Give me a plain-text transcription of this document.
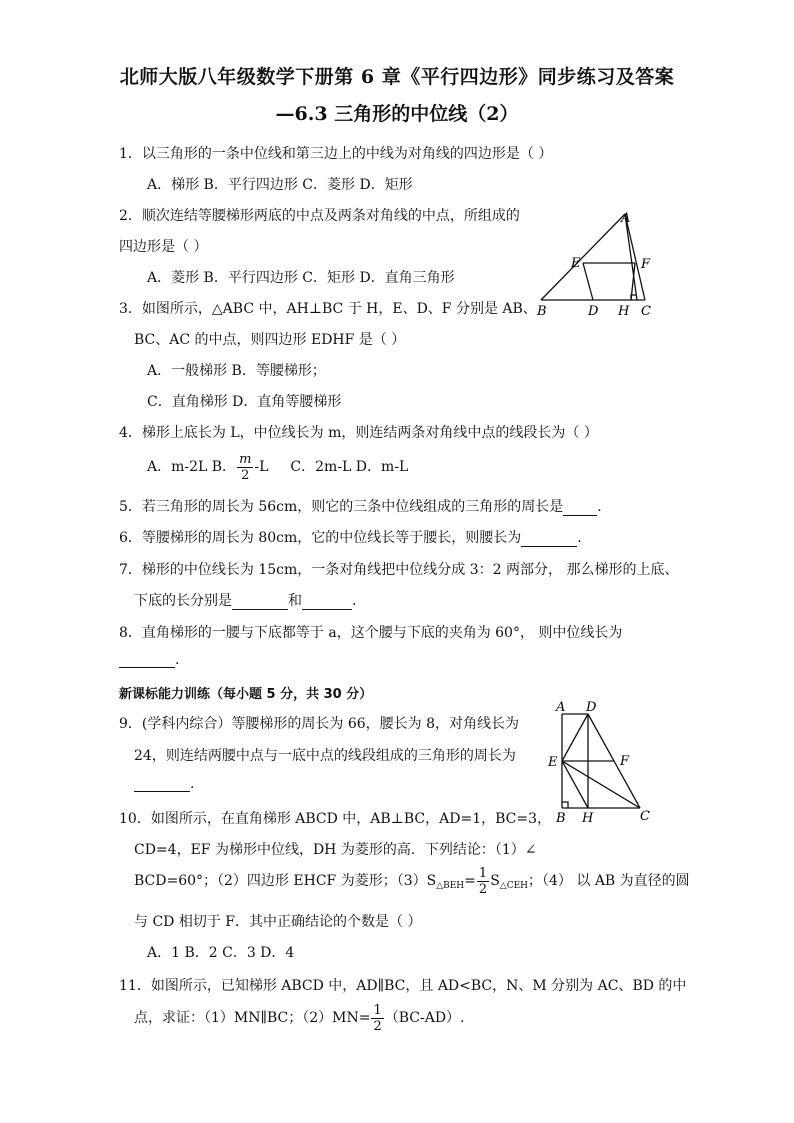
北师大版八年级数学下册第 6 章《平行四边形》同步练习及答案
—6.3 三角形的中位线（2）
1．以三角形的一条中位线和第三边上的中线为对角线的四边形是（ ）
A．梯形 B．平行四边形 C．菱形 D．矩形
2．顺次连结等腰梯形两底的中点及两条对角线的中点，所组成的
四边形是（ ）
A．菱形 B．平行四边形 C．矩形 D．直角三角形
A
E	F
B	D H C
3．如图所示，△ABC 中，AH⊥BC 于 H，E、D、F 分别是 AB、
BC、AC 的中点，则四边形 EDHF 是（ ）
A．一般梯形 B．等腰梯形；
C．直角梯形 D．直角等腰梯形
4．梯形上底长为 L，中位线长为 m，则连结两条对角线中点的线段长为（ ）
A．m-2L B． $\frac{m}{2} -L$ C．2m-L D．m-L
5．若三角形的周长为 56cm，则它的三条中位线组成的三角形的周长是 .
6．等腰梯形的周长为 80cm，它的中位线长等于腰长，则腰长为	.
7．梯形的中位线长为 15cm，一条对角线把中位线分成 3：2 两部分， 那么梯形的上底、
下底的长分别是	和	.
8．直角梯形的一腰与下底都等于 a，这个腰与下底的夹角为 60°， 则中位线长为
.
新课标能力训练（每小题 5 分，共 30 分）
A D
E	F
B H	C
9．(学科内综合）等腰梯形的周长为 66，腰长为 8，对角线长为
24，则连结两腰中点与一底中点的线段组成的三角形的周长为
.
10．如图所示，在直角梯形 ABCD 中，AB⊥BC，AD=1，BC=3，
CD=4，EF 为梯形中位线，DH 为菱形的高．下列结论：（1）∠
BCD=60°；（2）四边形 EHCF 为菱形；$(3)S_{\triangle BEH}= \frac{1}{2} S_{\triangle CEH}$；（4） 以 AB 为直径的圆
与 CD 相切于 F．其中正确结论的个数是（ ）
A．1 B．2 C．3 D．4
11．如图所示，已知梯形 ABCD 中，AD∥BC，且 AD<BC，N、M 分别为 AC、BD 的中
点，求证：（1）MN∥BC；$(2)MN= \frac{1}{2} (BC-AD)$.
